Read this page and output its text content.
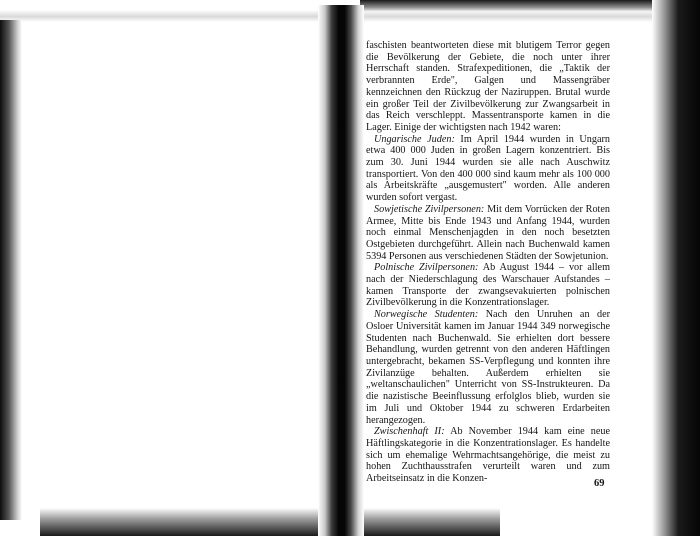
faschisten beantworteten diese mit blutigem Terror gegen die Bevölkerung der Gebiete, die noch unter ihrer Herrschaft standen. Strafexpeditionen, die „Taktik der verbrannten Erde", Galgen und Massengräber kennzeichnen den Rückzug der Naziruppen. Brutal wurde ein großer Teil der Zivilbevölkerung zur Zwangsarbeit in das Reich verschleppt. Massentransporte kamen in die Lager. Einige der wichtigsten nach 1942 waren:

Ungarische Juden: Im April 1944 wurden in Ungarn etwa 400 000 Juden in großen Lagern konzentriert. Bis zum 30. Juni 1944 wurden sie alle nach Auschwitz transportiert. Von den 400 000 sind kaum mehr als 100 000 als Arbeitskräfte „ausgemustert" worden. Alle anderen wurden sofort vergast.

Sowjetische Zivilpersonen: Mit dem Vorrücken der Roten Armee, Mitte bis Ende 1943 und Anfang 1944, wurden noch einmal Menschenjagden in den noch besetzten Ostgebieten durchgeführt. Allein nach Buchenwald kamen 5394 Personen aus verschiedenen Städten der Sowjetunion.

Polnische Zivilpersonen: Ab August 1944 – vor allem nach der Niederschlagung des Warschauer Aufstandes – kamen Transporte der zwangsevakuierten polnischen Zivilbevölkerung in die Konzentrationslager.

Norwegische Studenten: Nach den Unruhen an der Osloer Universität kamen im Januar 1944 349 norwegische Studenten nach Buchenwald. Sie erhielten dort bessere Behandlung, wurden getrennt von den anderen Häftlingen untergebracht, bekamen SS-Verpflegung und konnten ihre Zivilanzüge behalten. Außerdem erhielten sie „weltanschaulichen" Unterricht von SS-Instrukteuren. Da die nazistische Beeinflussung erfolglos blieb, wurden sie im Juli und Oktober 1944 zu schweren Erdarbeiten herangezogen.

Zwischenhaft II: Ab November 1944 kam eine neue Häftlingskategorie in die Konzentrationslager. Es handelte sich um ehemalige Wehrmachtsangehörige, die meist zu hohen Zuchthausstrafen verurteilt waren und zum Arbeitseinsatz in die Konzen-	69
